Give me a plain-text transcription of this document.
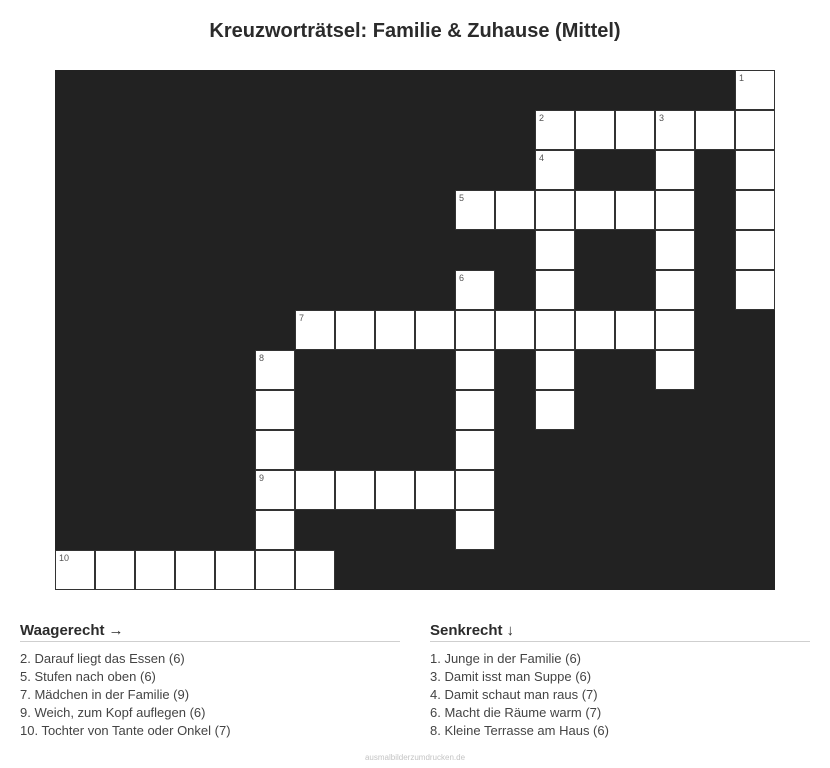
Kreuzworträtsel: Familie & Zuhause (Mittel)
1
2	3
4
5
6
7
8
9
10
Waagerecht →
2. Darauf liegt das Essen (6)
5. Stufen nach oben (6)
7. Mädchen in der Familie (9)
9. Weich, zum Kopf auflegen (6)
10. Tochter von Tante oder Onkel (7)
Senkrecht ↓
1. Junge in der Familie (6)
3. Damit isst man Suppe (6)
4. Damit schaut man raus (7)
6. Macht die Räume warm (7)
8. Kleine Terrasse am Haus (6)
ausmalbilderzumdrucken.de
